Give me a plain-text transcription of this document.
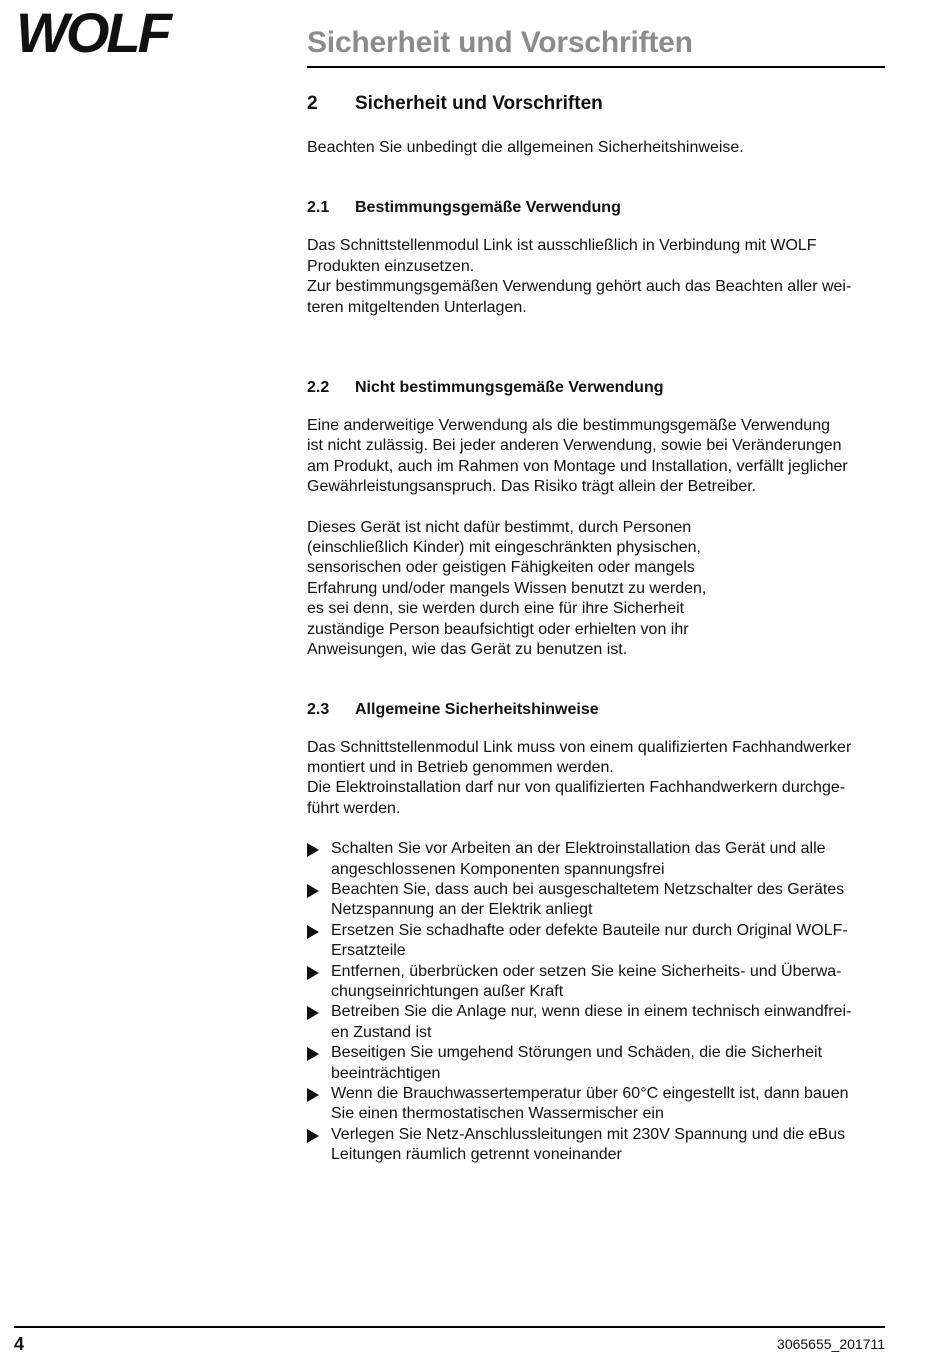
WOLF	Sicherheit und Vorschriften
2	Sicherheit und Vorschriften

Beachten Sie unbedingt die allgemeinen Sicherheitshinweise.

2.1	Bestimmungsgemäße Verwendung

Das Schnittstellenmodul Link ist ausschließlich in Verbindung mit WOLF
Produkten einzusetzen.
Zur bestimmungsgemäßen Verwendung gehört auch das Beachten aller wei-
teren mitgeltenden Unterlagen.

2.2	Nicht bestimmungsgemäße Verwendung

Eine anderweitige Verwendung als die bestimmungsgemäße Verwendung
ist nicht zulässig. Bei jeder anderen Verwendung, sowie bei Veränderungen
am Produkt, auch im Rahmen von Montage und Installation, verfällt jeglicher
Gewährleistungsanspruch. Das Risiko trägt allein der Betreiber.

Dieses Gerät ist nicht dafür bestimmt, durch Personen
(einschließlich Kinder) mit eingeschränkten physischen,
sensorischen oder geistigen Fähigkeiten oder mangels
Erfahrung und/oder mangels Wissen benutzt zu werden,
es sei denn, sie werden durch eine für ihre Sicherheit
zuständige Person beaufsichtigt oder erhielten von ihr
Anweisungen, wie das Gerät zu benutzen ist.

2.3	Allgemeine Sicherheitshinweise

Das Schnittstellenmodul Link muss von einem qualifizierten Fachhandwerker
montiert und in Betrieb genommen werden.
Die Elektroinstallation darf nur von qualifizierten Fachhandwerkern durchge-
führt werden.

Schalten Sie vor Arbeiten an der Elektroinstallation das Gerät und alle
angeschlossenen Komponenten spannungsfrei
Beachten Sie, dass auch bei ausgeschaltetem Netzschalter des Gerätes
Netzspannung an der Elektrik anliegt
Ersetzen Sie schadhafte oder defekte Bauteile nur durch Original WOLF-
Ersatzteile
Entfernen, überbrücken oder setzen Sie keine Sicherheits- und Überwa-
chungseinrichtungen außer Kraft
Betreiben Sie die Anlage nur, wenn diese in einem technisch einwandfrei-
en Zustand ist
Beseitigen Sie umgehend Störungen und Schäden, die die Sicherheit
beeinträchtigen
Wenn die Brauchwassertemperatur über 60°C eingestellt ist, dann bauen
Sie einen thermostatischen Wassermischer ein
Verlegen Sie Netz-Anschlussleitungen mit 230V Spannung und die eBus
Leitungen räumlich getrennt voneinander
4	3065655_201711
